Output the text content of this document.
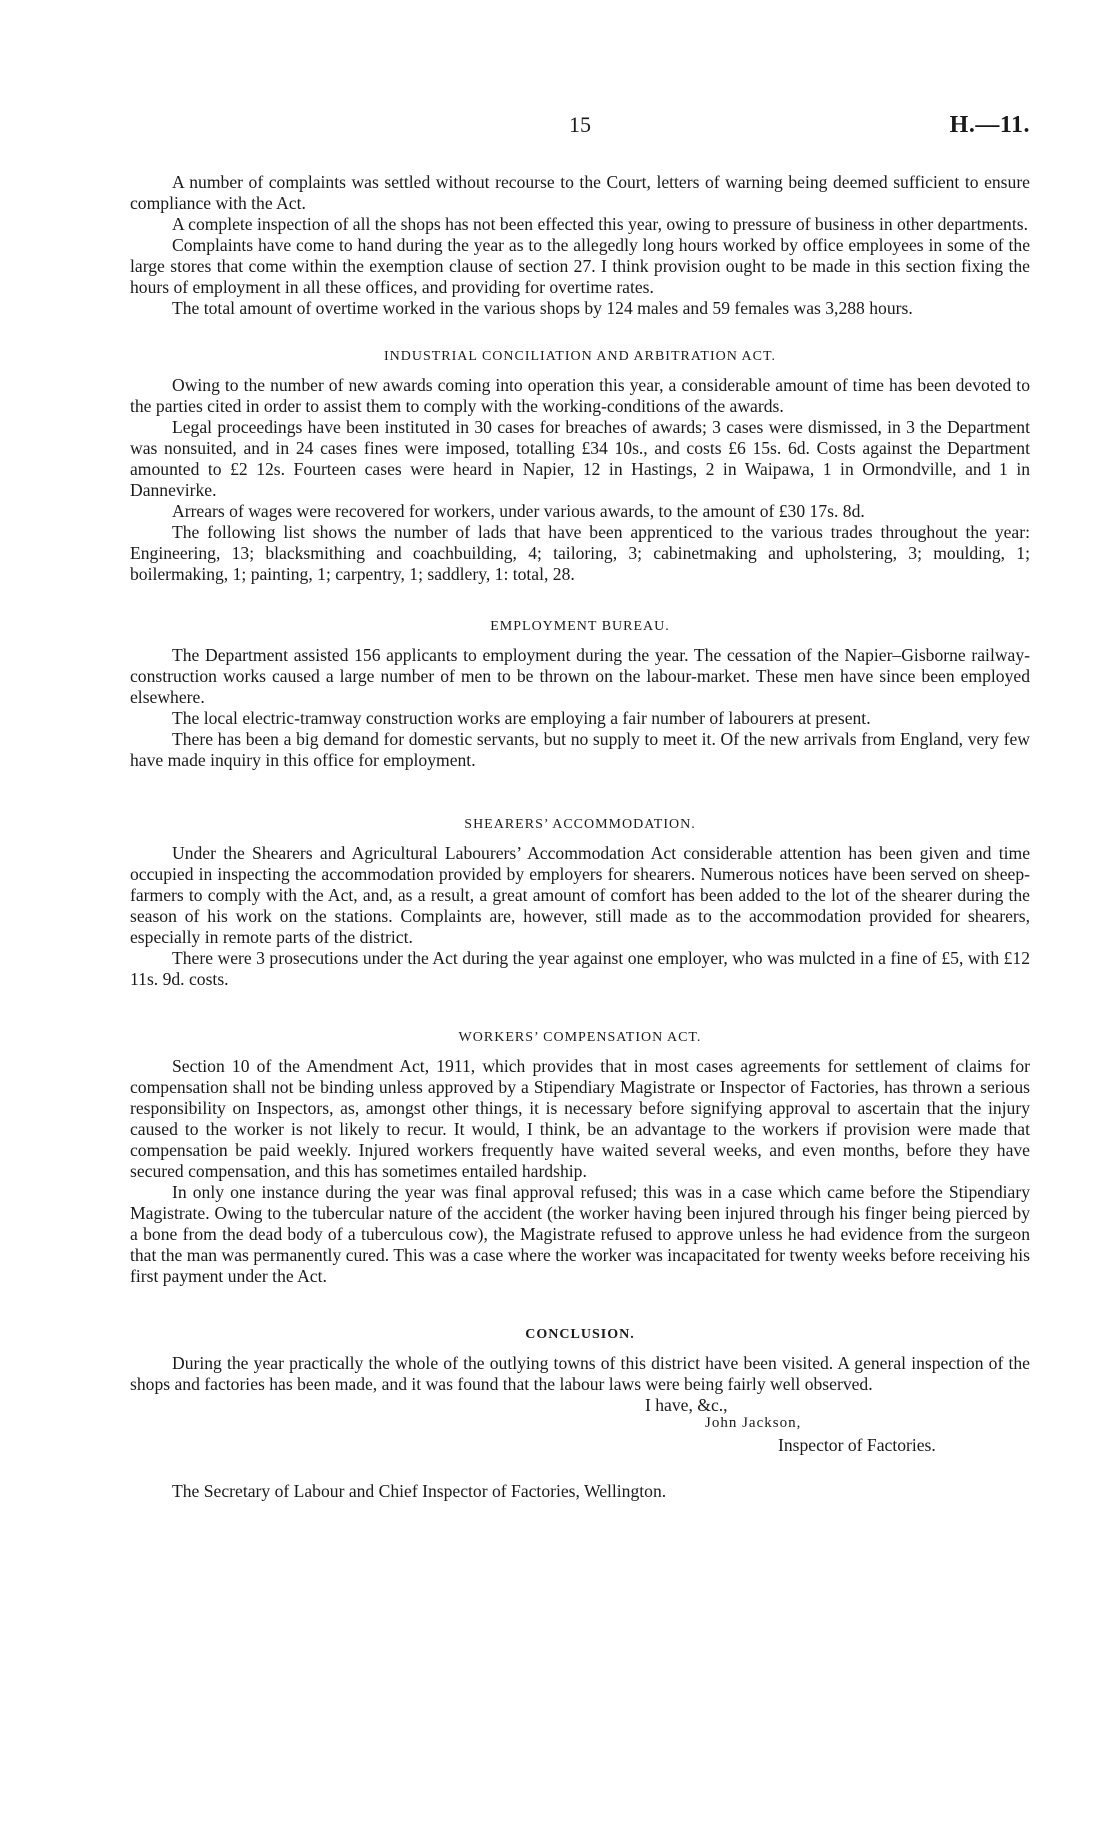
15	H.—11.

A number of complaints was settled without recourse to the Court, letters of warning being deemed sufficient to ensure compliance with the Act.

A complete inspection of all the shops has not been effected this year, owing to pressure of business in other departments.

Complaints have come to hand during the year as to the allegedly long hours worked by office employees in some of the large stores that come within the exemption clause of section 27. I think provision ought to be made in this section fixing the hours of employment in all these offices, and providing for overtime rates.

The total amount of overtime worked in the various shops by 124 males and 59 females was 3,288 hours.

INDUSTRIAL CONCILIATION AND ARBITRATION ACT.

Owing to the number of new awards coming into operation this year, a considerable amount of time has been devoted to the parties cited in order to assist them to comply with the working-conditions of the awards.

Legal proceedings have been instituted in 30 cases for breaches of awards; 3 cases were dismissed, in 3 the Department was nonsuited, and in 24 cases fines were imposed, totalling £34 10s., and costs £6 15s. 6d. Costs against the Department amounted to £2 12s. Fourteen cases were heard in Napier, 12 in Hastings, 2 in Waipawa, 1 in Ormondville, and 1 in Dannevirke.

Arrears of wages were recovered for workers, under various awards, to the amount of £30 17s. 8d.

The following list shows the number of lads that have been apprenticed to the various trades throughout the year: Engineering, 13; blacksmithing and coachbuilding, 4; tailoring, 3; cabinetmaking and upholstering, 3; moulding, 1; boilermaking, 1; painting, 1; carpentry, 1; saddlery, 1: total, 28.

EMPLOYMENT BUREAU.

The Department assisted 156 applicants to employment during the year. The cessation of the Napier–Gisborne railway-construction works caused a large number of men to be thrown on the labour-market. These men have since been employed elsewhere.

The local electric-tramway construction works are employing a fair number of labourers at present.

There has been a big demand for domestic servants, but no supply to meet it. Of the new arrivals from England, very few have made inquiry in this office for employment.

SHEARERS’ ACCOMMODATION.

Under the Shearers and Agricultural Labourers’ Accommodation Act considerable attention has been given and time occupied in inspecting the accommodation provided by employers for shearers. Numerous notices have been served on sheep-farmers to comply with the Act, and, as a result, a great amount of comfort has been added to the lot of the shearer during the season of his work on the stations. Complaints are, however, still made as to the accommodation provided for shearers, especially in remote parts of the district.

There were 3 prosecutions under the Act during the year against one employer, who was mulcted in a fine of £5, with £12 11s. 9d. costs.

WORKERS’ COMPENSATION ACT.

Section 10 of the Amendment Act, 1911, which provides that in most cases agreements for settlement of claims for compensation shall not be binding unless approved by a Stipendiary Magistrate or Inspector of Factories, has thrown a serious responsibility on Inspectors, as, amongst other things, it is necessary before signifying approval to ascertain that the injury caused to the worker is not likely to recur. It would, I think, be an advantage to the workers if provision were made that compensation be paid weekly. Injured workers frequently have waited several weeks, and even months, before they have secured compensation, and this has sometimes entailed hardship.

In only one instance during the year was final approval refused; this was in a case which came before the Stipendiary Magistrate. Owing to the tubercular nature of the accident (the worker having been injured through his finger being pierced by a bone from the dead body of a tuberculous cow), the Magistrate refused to approve unless he had evidence from the surgeon that the man was permanently cured. This was a case where the worker was incapacitated for twenty weeks before receiving his first payment under the Act.

CONCLUSION.

During the year practically the whole of the outlying towns of this district have been visited. A general inspection of the shops and factories has been made, and it was found that the labour laws were being fairly well observed.

I have, &c.,
John Jackson,
Inspector of Factories.

The Secretary of Labour and Chief Inspector of Factories, Wellington.
